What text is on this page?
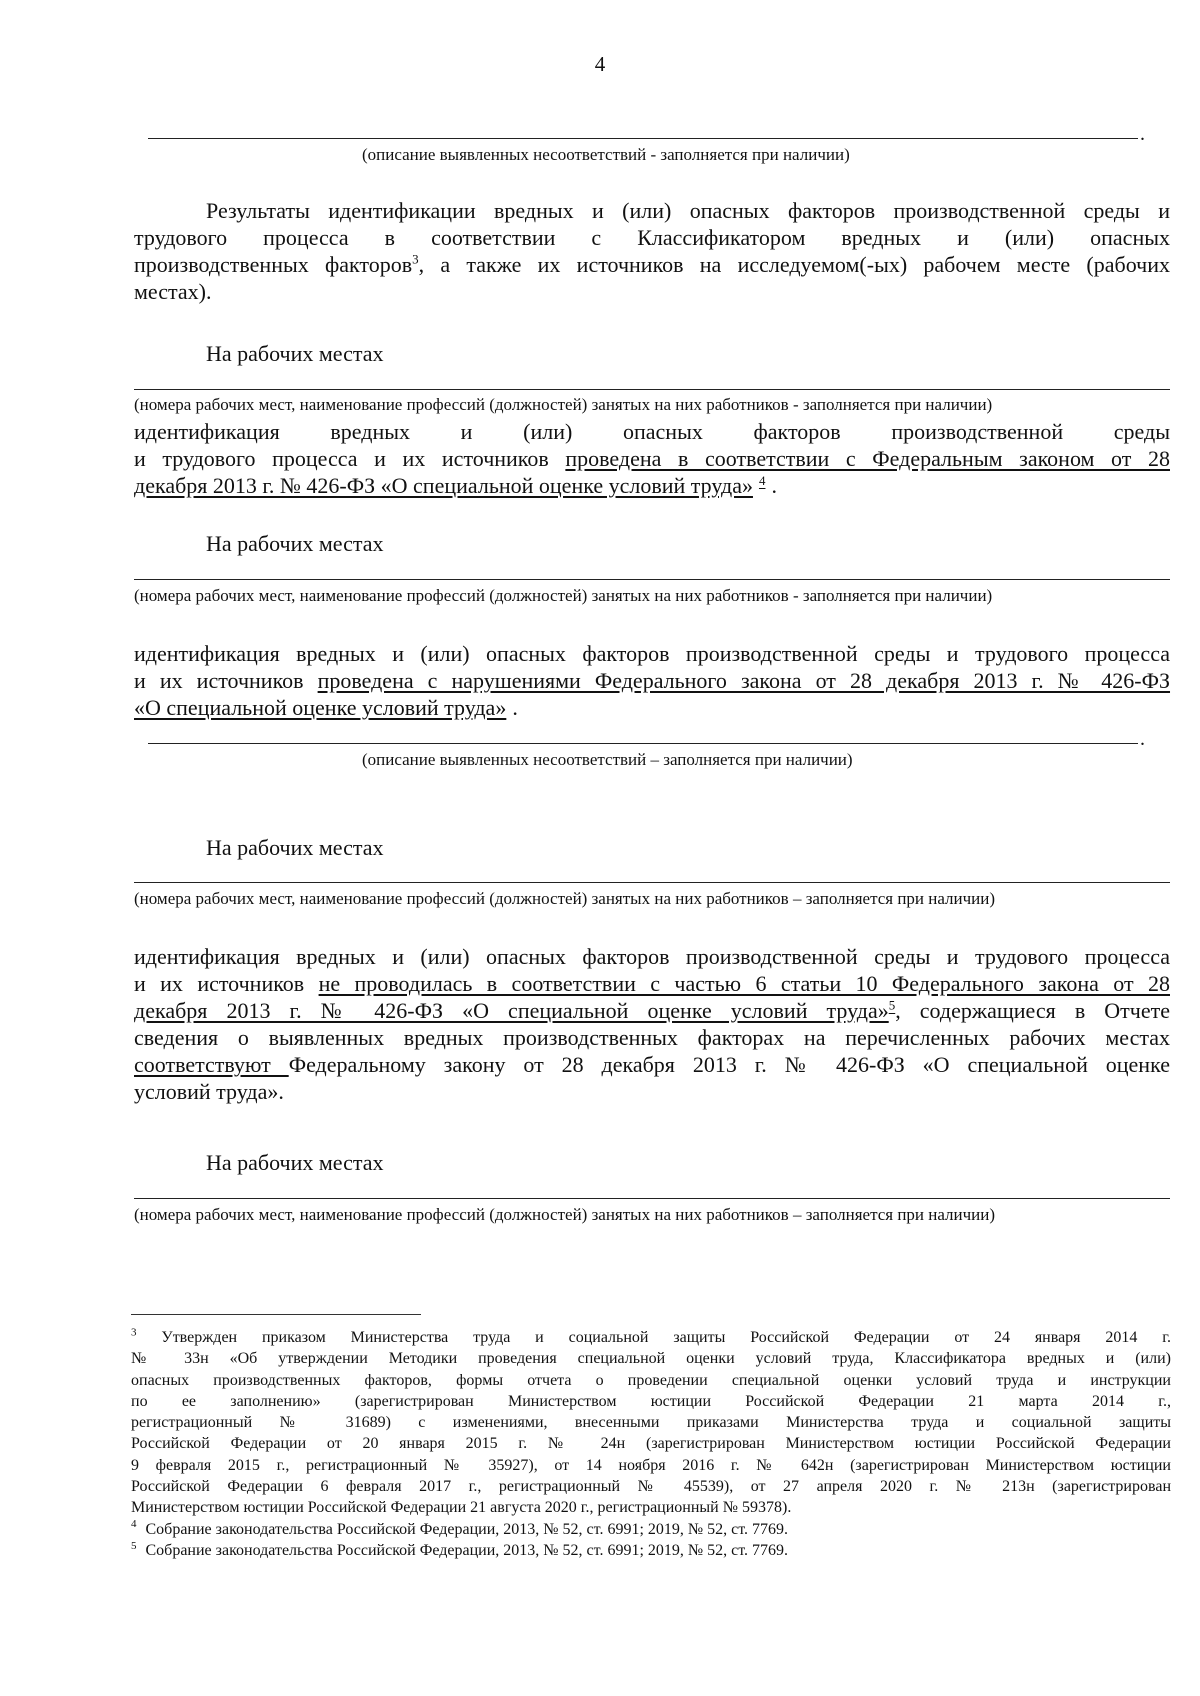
4
.
(описание выявленных несоответствий - заполняется при наличии)
Результаты идентификации вредных и (или) опасных факторов производственной среды и
трудового процесса в соответствии с Классификатором вредных и (или) опасных
производственных факторов$^3$, а также их источников на исследуемом(-ых) рабочем месте (рабочих
местах).
На рабочих местах
(номера рабочих мест, наименование профессий (должностей) занятых на них работников - заполняется при наличии)
идентификация вредных и (или) опасных факторов производственной среды
и трудового процесса и их источников проведена в соответствии с Федеральным законом от 28
декабря 2013 г. № 426-ФЗ «О специальной оценке условий труда» $^4$ .
На рабочих местах
(номера рабочих мест, наименование профессий (должностей) занятых на них работников - заполняется при наличии)
идентификация вредных и (или) опасных факторов производственной среды и трудового процесса
и их источников проведена с нарушениями Федерального закона от 28 декабря 2013 г. № 426-ФЗ
«О специальной оценке условий труда» .
.
(описание выявленных несоответствий – заполняется при наличии)
На рабочих местах
(номера рабочих мест, наименование профессий (должностей) занятых на них работников – заполняется при наличии)
идентификация вредных и (или) опасных факторов производственной среды и трудового процесса
и их источников не проводилась в соответствии с частью 6 статьи 10 Федерального закона от 28
декабря 2013 г. № 426-ФЗ «О специальной оценке условий труда»$^5$, содержащиеся в Отчете
сведения о выявленных вредных производственных факторах на перечисленных рабочих местах
соответствуют Федеральному закону от 28 декабря 2013 г. № 426-ФЗ «О специальной оценке
условий труда».
На рабочих местах
(номера рабочих мест, наименование профессий (должностей) занятых на них работников – заполняется при наличии)
$^3$ Утвержден приказом Министерства труда и социальной защиты Российской Федерации от 24 января 2014 г.
№ 33н «Об утверждении Методики проведения специальной оценки условий труда, Классификатора вредных и (или)
опасных производственных факторов, формы отчета о проведении специальной оценки условий труда и инструкции
по ее заполнению» (зарегистрирован Министерством юстиции Российской Федерации 21 марта 2014 г.,
регистрационный № 31689) с изменениями, внесенными приказами Министерства труда и социальной защиты
Российской Федерации от 20 января 2015 г. № 24н (зарегистрирован Министерством юстиции Российской Федерации
9 февраля 2015 г., регистрационный № 35927), от 14 ноября 2016 г. № 642н (зарегистрирован Министерством юстиции
Российской Федерации 6 февраля 2017 г., регистрационный № 45539), от 27 апреля 2020 г. № 213н (зарегистрирован
Министерством юстиции Российской Федерации 21 августа 2020 г., регистрационный № 59378).
$^4$ Собрание законодательства Российской Федерации, 2013, № 52, ст. 6991; 2019, № 52, ст. 7769.
$^5$ Собрание законодательства Российской Федерации, 2013, № 52, ст. 6991; 2019, № 52, ст. 7769.
